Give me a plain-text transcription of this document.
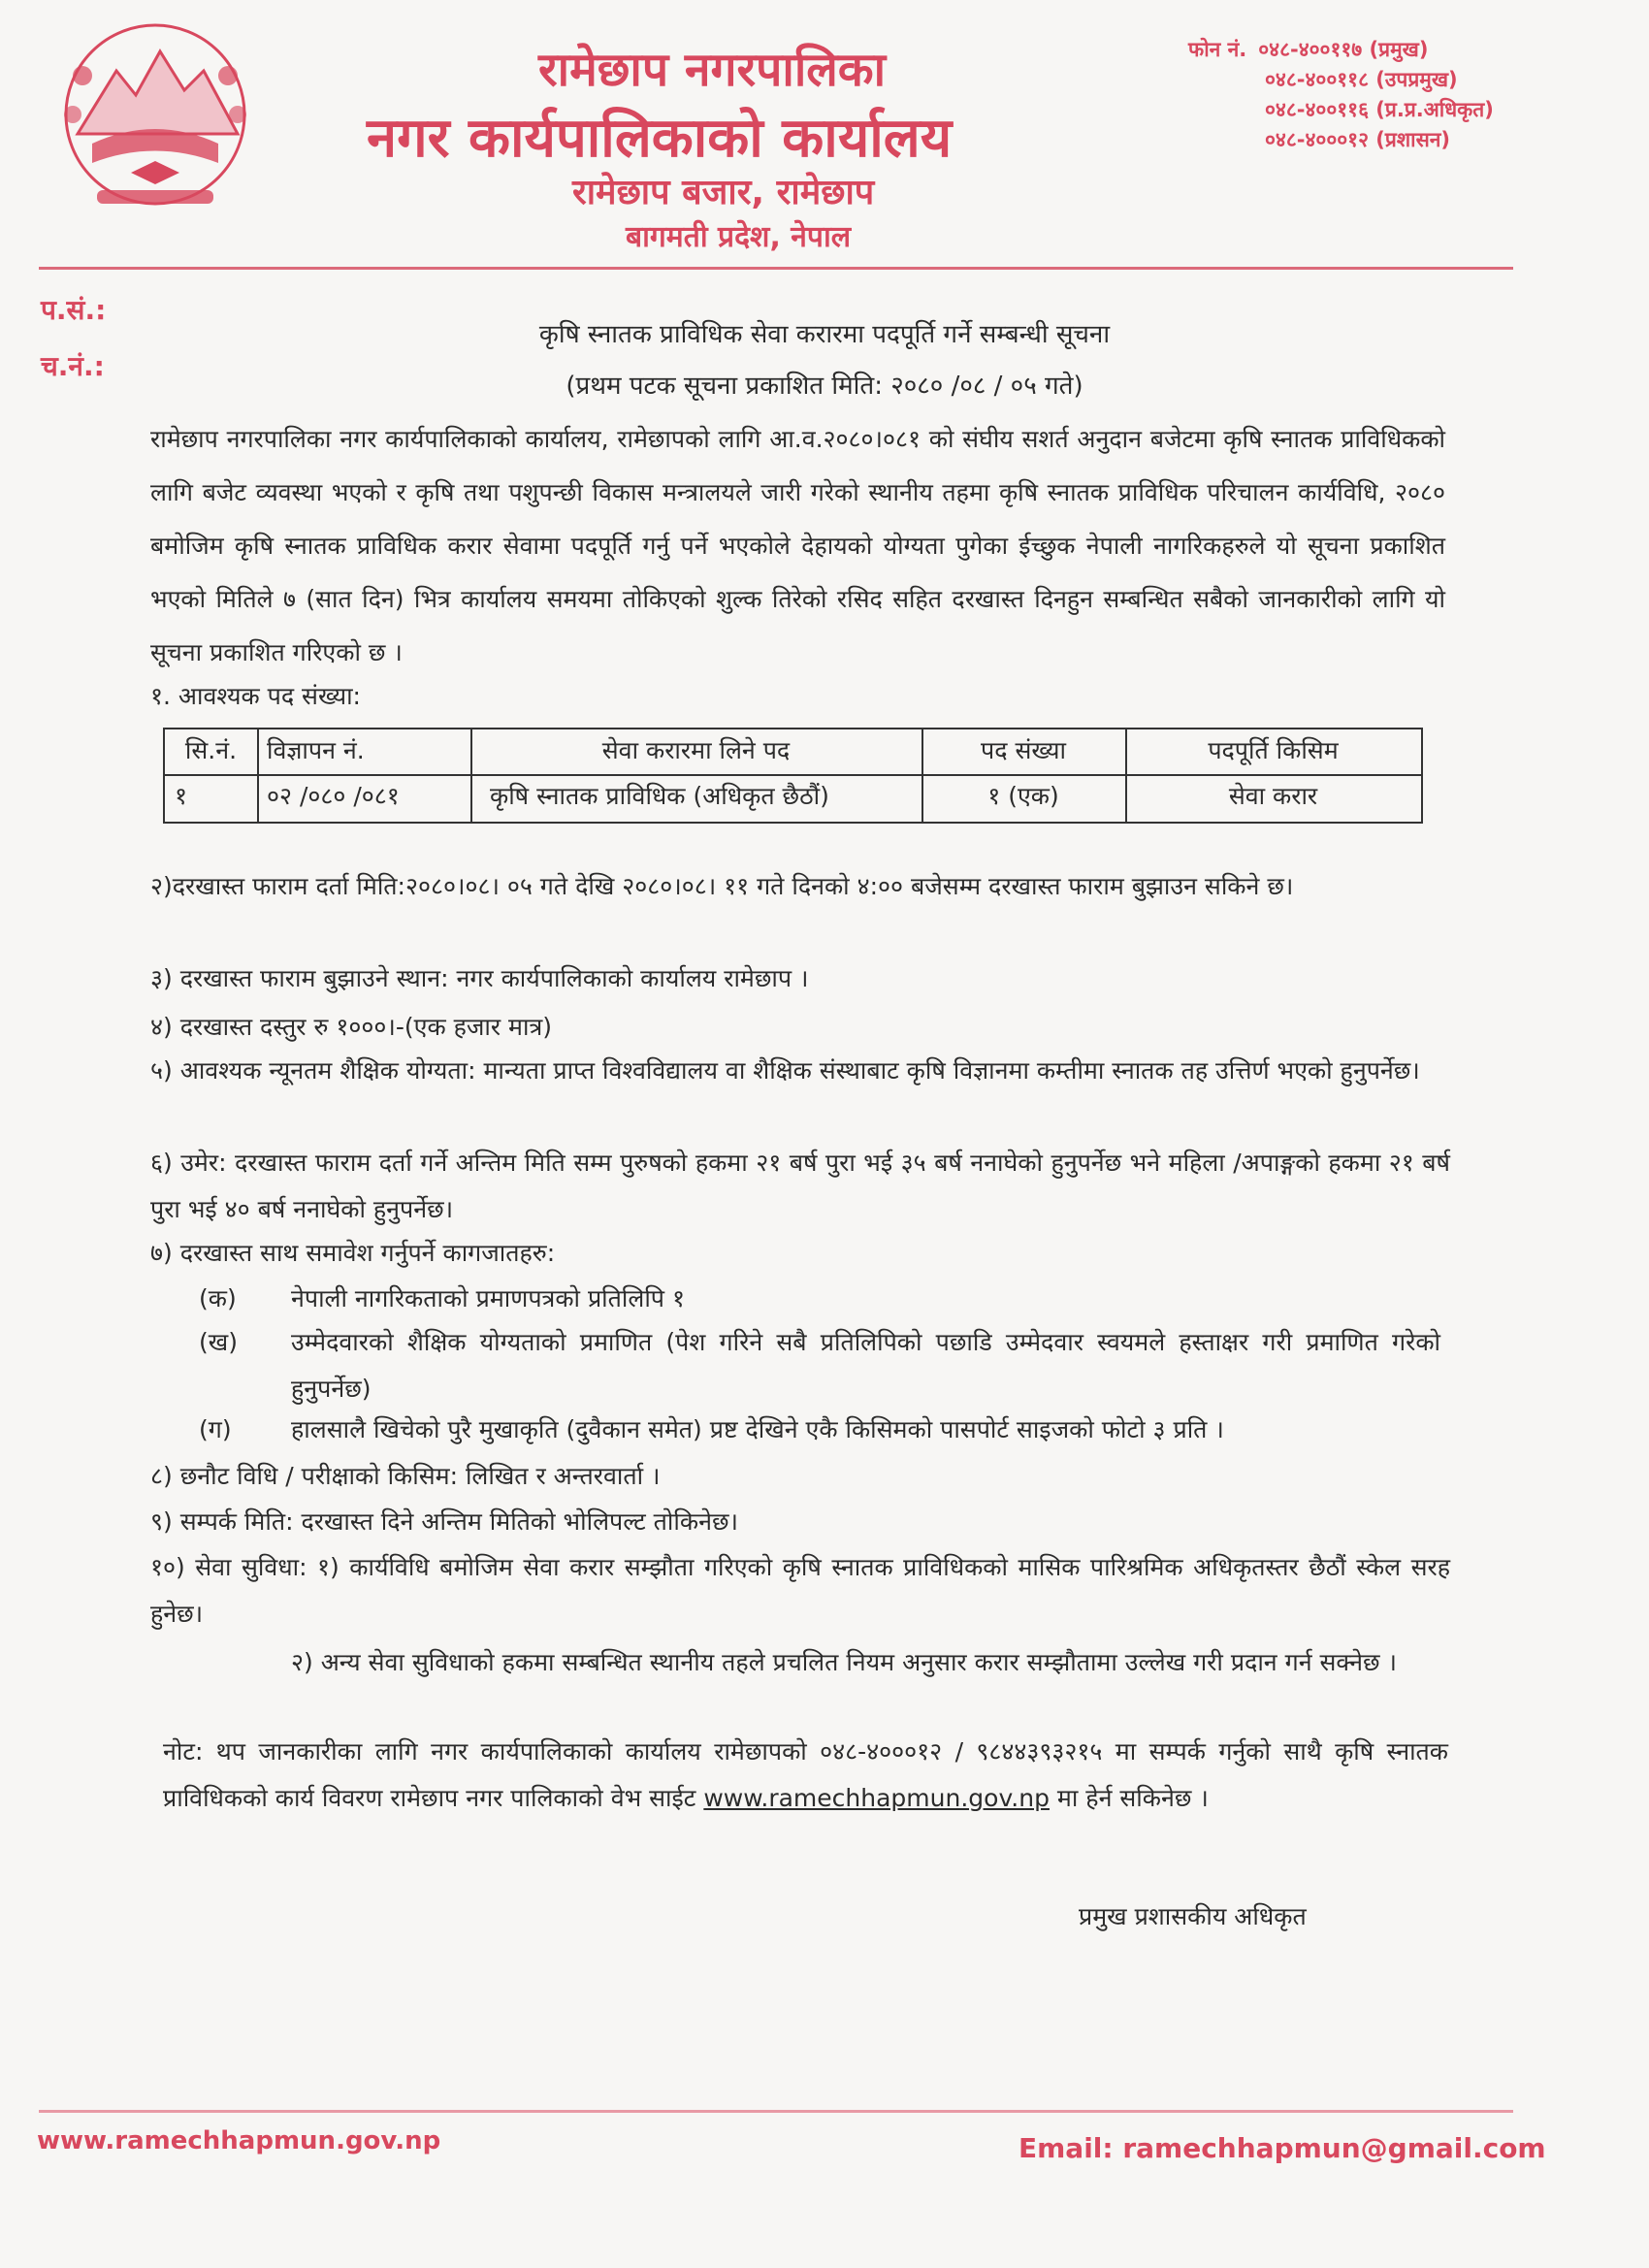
रामेछाप नगरपालिका
नगर कार्यपालिकाको कार्यालय
रामेछाप बजार, रामेछाप
बागमती प्रदेश, नेपाल
फोन नं. ०४८-४००११७ (प्रमुख)
०४८-४००११८ (उपप्रमुख)
०४८-४००११६ (प्र.प्र.अधिकृत)
०४८-४०००१२ (प्रशासन)
प.सं.:
च.नं.:
कृषि स्नातक प्राविधिक सेवा करारमा पदपूर्ति गर्ने सम्बन्धी सूचना
(प्रथम पटक सूचना प्रकाशित मिति: २०८० /०८ / ०५ गते)
रामेछाप नगरपालिका नगर कार्यपालिकाको कार्यालय, रामेछापको लागि आ.व.२०८०।०८१ को संघीय सशर्त अनुदान बजेटमा कृषि स्नातक प्राविधिकको लागि बजेट व्यवस्था भएको र कृषि तथा पशुपन्छी विकास मन्त्रालयले जारी गरेको स्थानीय तहमा कृषि स्नातक प्राविधिक परिचालन कार्यविधि, २०८० बमोजिम कृषि स्नातक प्राविधिक करार सेवामा पदपूर्ति गर्नु पर्ने भएकोले देहायको योग्यता पुगेका ईच्छुक नेपाली नागरिकहरुले यो सूचना प्रकाशित भएको मितिले ७ (सात दिन) भित्र कार्यालय समयमा तोकिएको शुल्क तिरेको रसिद सहित दरखास्त दिनहुन सम्बन्धित सबैको जानकारीको लागि यो सूचना प्रकाशित गरिएको छ ।
१. आवश्यक पद संख्या:
सि.नं.	विज्ञापन नं.	सेवा करारमा लिने पद	पद संख्या	पदपूर्ति किसिम
१	०२ /०८० /०८१	कृषि स्नातक प्राविधिक (अधिकृत छैठौं)	१ (एक)	सेवा करार
२)दरखास्त फाराम दर्ता मिति:२०८०।०८। ०५ गते देखि २०८०।०८। ११ गते दिनको ४:०० बजेसम्म दरखास्त फाराम बुझाउन सकिने छ।
३) दरखास्त फाराम बुझाउने स्थान: नगर कार्यपालिकाको कार्यालय रामेछाप ।
४) दरखास्त दस्तुर रु १०००।-(एक हजार मात्र)
५) आवश्यक न्यूनतम शैक्षिक योग्यता: मान्यता प्राप्त विश्वविद्यालय वा शैक्षिक संस्थाबाट कृषि विज्ञानमा कम्तीमा स्नातक तह उत्तिर्ण भएको हुनुपर्नेछ।
६) उमेर: दरखास्त फाराम दर्ता गर्ने अन्तिम मिति सम्म पुरुषको हकमा २१ बर्ष पुरा भई ३५ बर्ष ननाघेको हुनुपर्नेछ भने महिला /अपाङ्गको हकमा २१ बर्ष पुरा भई ४० बर्ष ननाघेको हुनुपर्नेछ।
७) दरखास्त साथ समावेश गर्नुपर्ने कागजातहरु:
(क) नेपाली नागरिकताको प्रमाणपत्रको प्रतिलिपि १
(ख) उम्मेदवारको शैक्षिक योग्यताको प्रमाणित (पेश गरिने सबै प्रतिलिपिको पछाडि उम्मेदवार स्वयमले हस्ताक्षर गरी प्रमाणित गरेको हुनुपर्नेछ)
(ग) हालसालै खिचेको पुरै मुखाकृति (दुवैकान समेत) प्रष्ट देखिने एकै किसिमको पासपोर्ट साइजको फोटो ३ प्रति ।
८) छनौट विधि / परीक्षाको किसिम: लिखित र अन्तरवार्ता ।
९) सम्पर्क मिति: दरखास्त दिने अन्तिम मितिको भोलिपल्ट तोकिनेछ।
१०) सेवा सुविधा: १) कार्यविधि बमोजिम सेवा करार सम्झौता गरिएको कृषि स्नातक प्राविधिकको मासिक पारिश्रमिक अधिकृतस्तर छैठौं स्केल सरह हुनेछ।
२) अन्य सेवा सुविधाको हकमा सम्बन्धित स्थानीय तहले प्रचलित नियम अनुसार करार सम्झौतामा उल्लेख गरी प्रदान गर्न सक्नेछ ।
नोट: थप जानकारीका लागि नगर कार्यपालिकाको कार्यालय रामेछापको ०४८-४०००१२ / ९८४४३९३२१५ मा सम्पर्क गर्नुको साथै कृषि स्नातक प्राविधिकको कार्य विवरण रामेछाप नगर पालिकाको वेभ साईट www.ramechhapmun.gov.np मा हेर्न सकिनेछ ।
प्रमुख प्रशासकीय अधिकृत
www.ramechhapmun.gov.np	Email: ramechhapmun@gmail.com
